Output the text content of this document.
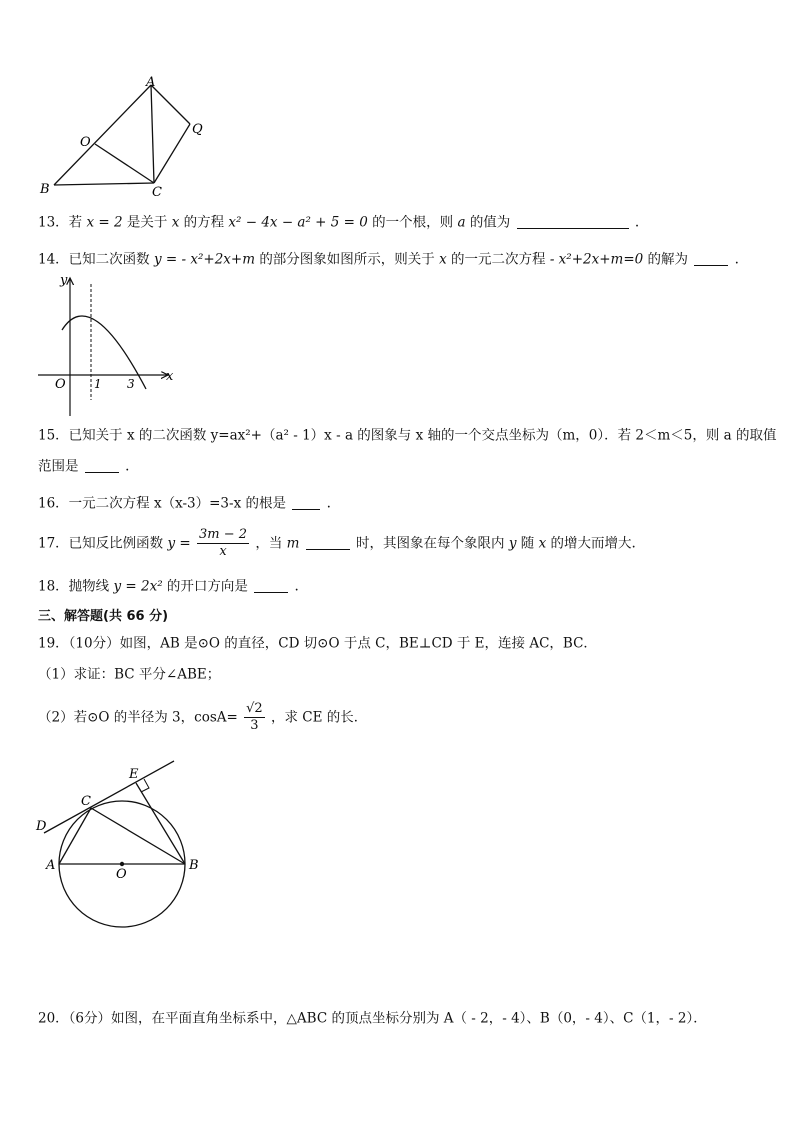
A
O
Q
B	C
13．若 x = 2 是关于 x 的方程 x² − 4x − a² + 5 = 0 的一个根，则 a 的值为	.
14．已知二次函数 y = - x²+2x+m 的部分图象如图所示，则关于 x 的一元二次方程 - x²+2x+m=0 的解为	.
y
x
O 1 3
15．已知关于 x 的二次函数 y=ax²+（a² - 1）x - a 的图象与 x 轴的一个交点坐标为（m，0）．若 2＜m＜5，则 a 的取值
范围是	.
16．一元二次方程 x（x-3）=3-x 的根是	.
17．已知反比例函数 $y = \frac{3m - 2}{x}$ ，当 m	时，其图象在每个象限内 y 随 x 的增大而增大.
18．抛物线 y = 2x² 的开口方向是	.
三、解答题(共 66 分)
19．（10分）如图，AB 是⊙O 的直径，CD 切⊙O 于点 C，BE⊥CD 于 E，连接 AC，BC．
（1）求证：BC 平分∠ABE；
（2）若⊙O 的半径为 3，$\cos A= \frac{√2}{3}$ ，求 CE 的长．
E
C
D
A
O
B
20．（6分）如图，在平面直角坐标系中，△ABC 的顶点坐标分别为 A（ - 2，- 4）、B（0，- 4）、C（1，- 2）．
